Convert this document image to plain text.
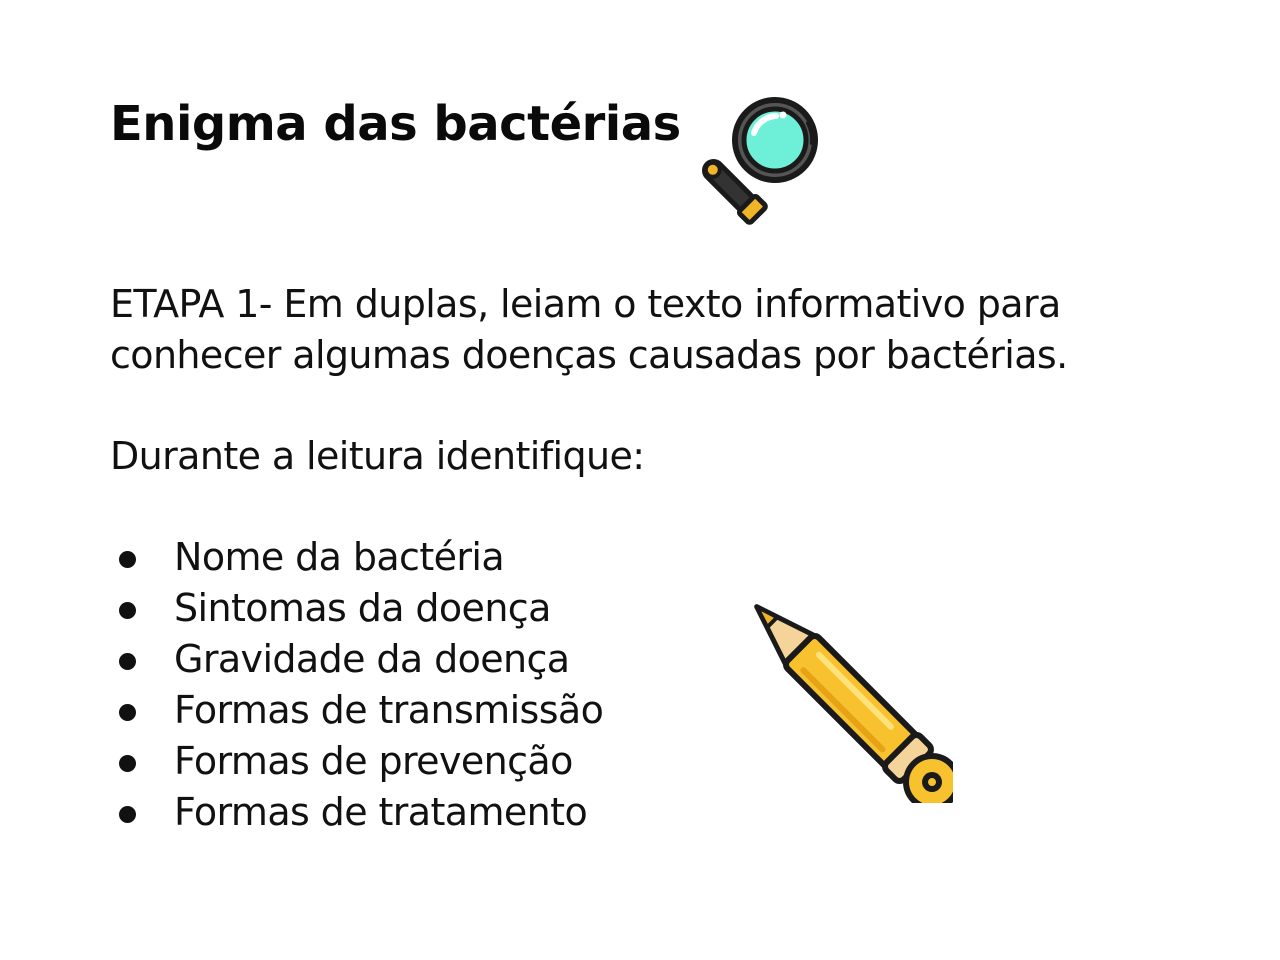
Enigma das bactérias

ETAPA 1- Em duplas, leiam o texto informativo para
conhecer algumas doenças causadas por bactérias.

Durante a leitura identifique:

Nome da bactéria
Sintomas da doença
Gravidade da doença
Formas de transmissão
Formas de prevenção
Formas de tratamento
